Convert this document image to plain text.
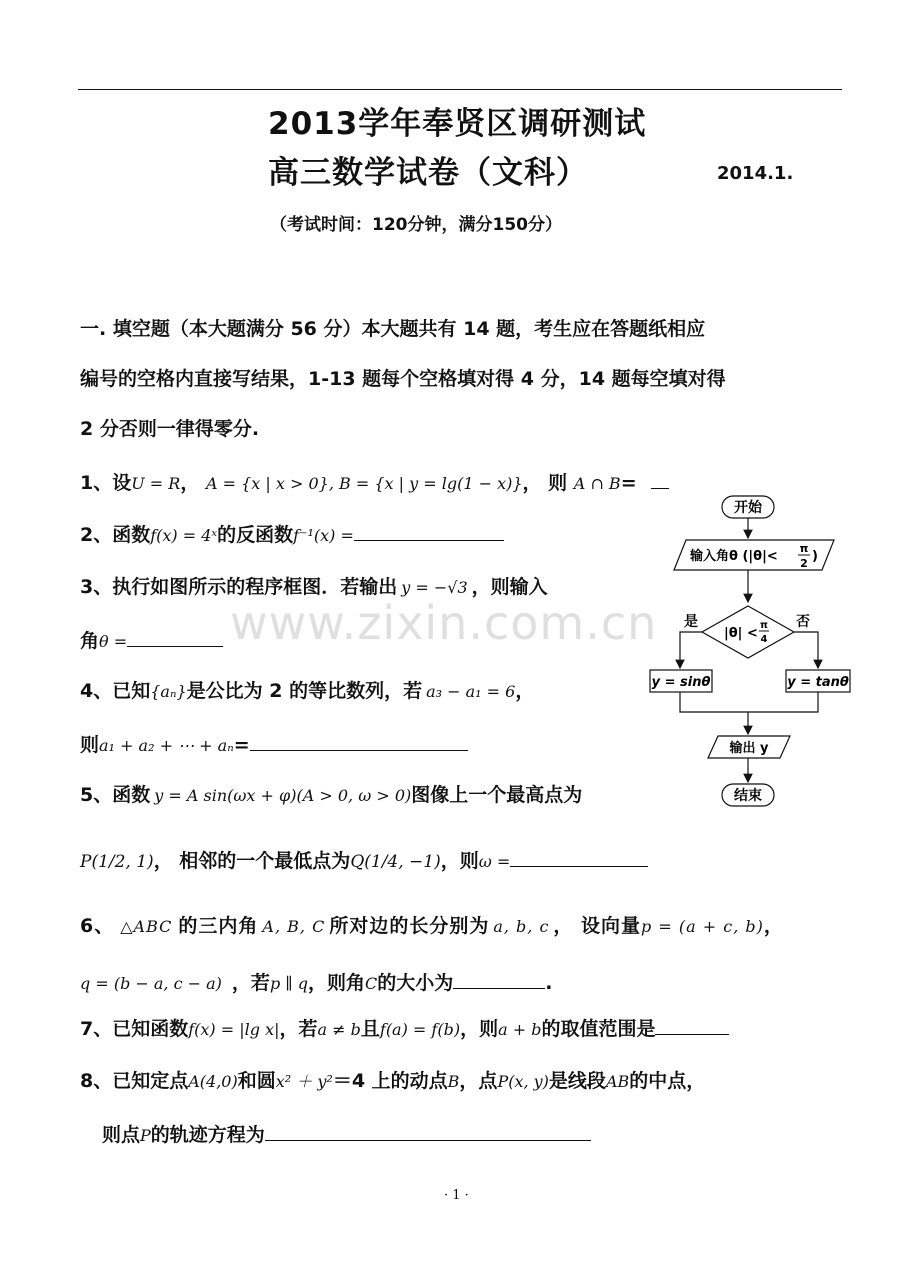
2013学年奉贤区调研测试
高三数学试卷（文科）	2014.1.
（考试时间：120分钟，满分150分）
一. 填空题（本大题满分 56 分）本大题共有 14 题，考生应在答题纸相应
编号的空格内直接写结果，1-13 题每个空格填对得 4 分，14 题每空填对得
2 分否则一律得零分.
1、设U = R， A = {x | x > 0}, B = {x | y = lg(1 − x)}， 则 A ∩ B=
2、函数f(x) = 4ˣ的反函数f⁻¹(x) =
3、执行如图所示的程序框图．若输出 y = −√3 ，则输入
角θ =
4、已知{aₙ}是公比为 2 的等比数列，若 a₃ − a₁ = 6，
则a₁ + a₂ + ⋯ + aₙ=
5、函数 y = A sin(ωx + φ)(A > 0, ω > 0)图像上一个最高点为
P(1/2, 1)， 相邻的一个最低点为Q(1/4, −1)，则ω =
6、 △ABC 的三内角 A, B, C 所对边的长分别为 a, b, c ， 设向量p = (a + c, b)，
q = (b − a, c − a) ，若p ∥ q，则角C的大小为	.
7、已知函数f(x) = |lg x|，若a ≠ b且f(a) = f(b)，则a + b的取值范围是
8、已知定点A(4,0)和圆x² ＋ y²＝4 上的动点B，点P(x, y)是线段AB的中点，
则点P的轨迹方程为
www.zixin.com.cn
开始
输入角θ (|θ|<
π
2 )
|θ| <
π
4
是	否
y = sinθ	y = tanθ
输出 y
结束
· 1 ·
